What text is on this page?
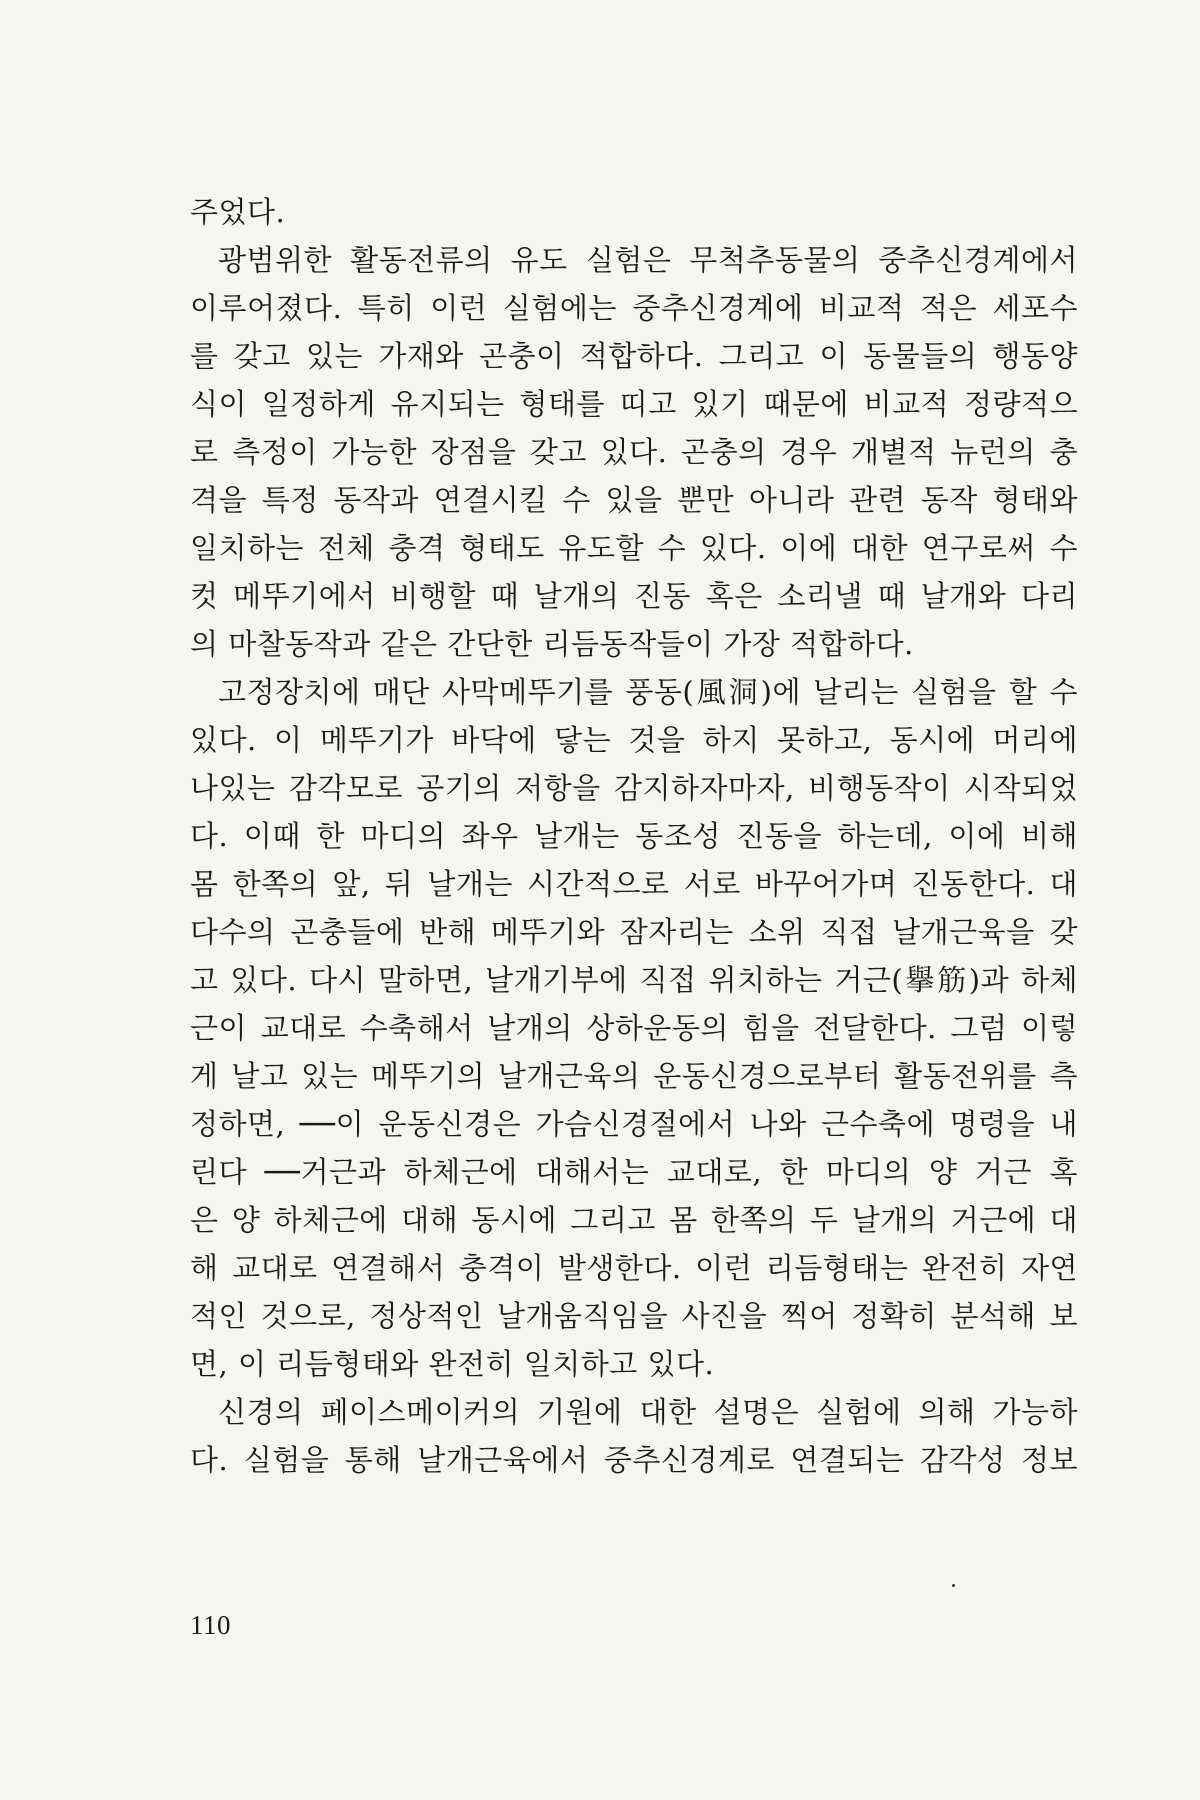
주었다.
광범위한 활동전류의 유도 실험은 무척추동물의 중추신경계에서
이루어졌다. 특히 이런 실험에는 중추신경계에 비교적 적은 세포수
를 갖고 있는 가재와 곤충이 적합하다. 그리고 이 동물들의 행동양
식이 일정하게 유지되는 형태를 띠고 있기 때문에 비교적 정량적으
로 측정이 가능한 장점을 갖고 있다. 곤충의 경우 개별적 뉴런의 충
격을 특정 동작과 연결시킬 수 있을 뿐만 아니라 관련 동작 형태와
일치하는 전체 충격 형태도 유도할 수 있다. 이에 대한 연구로써 수
컷 메뚜기에서 비행할 때 날개의 진동 혹은 소리낼 때 날개와 다리
의 마찰동작과 같은 간단한 리듬동작들이 가장 적합하다.
고정장치에 매단 사막메뚜기를 풍동(風洞)에 날리는 실험을 할 수
있다. 이 메뚜기가 바닥에 닿는 것을 하지 못하고, 동시에 머리에
나있는 감각모로 공기의 저항을 감지하자마자, 비행동작이 시작되었
다. 이때 한 마디의 좌우 날개는 동조성 진동을 하는데, 이에 비해
몸 한쪽의 앞, 뒤 날개는 시간적으로 서로 바꾸어가며 진동한다. 대
다수의 곤충들에 반해 메뚜기와 잠자리는 소위 직접 날개근육을 갖
고 있다. 다시 말하면, 날개기부에 직접 위치하는 거근(擧筋)과 하체
근이 교대로 수축해서 날개의 상하운동의 힘을 전달한다. 그럼 이렇
게 날고 있는 메뚜기의 날개근육의 운동신경으로부터 활동전위를 측
정하면, ──이 운동신경은 가슴신경절에서 나와 근수축에 명령을 내
린다 ──거근과 하체근에 대해서는 교대로, 한 마디의 양 거근 혹
은 양 하체근에 대해 동시에 그리고 몸 한쪽의 두 날개의 거근에 대
해 교대로 연결해서 충격이 발생한다. 이런 리듬형태는 완전히 자연
적인 것으로, 정상적인 날개움직임을 사진을 찍어 정확히 분석해 보
면, 이 리듬형태와 완전히 일치하고 있다.
신경의 페이스메이커의 기원에 대한 설명은 실험에 의해 가능하
다. 실험을 통해 날개근육에서 중추신경계로 연결되는 감각성 정보
110
